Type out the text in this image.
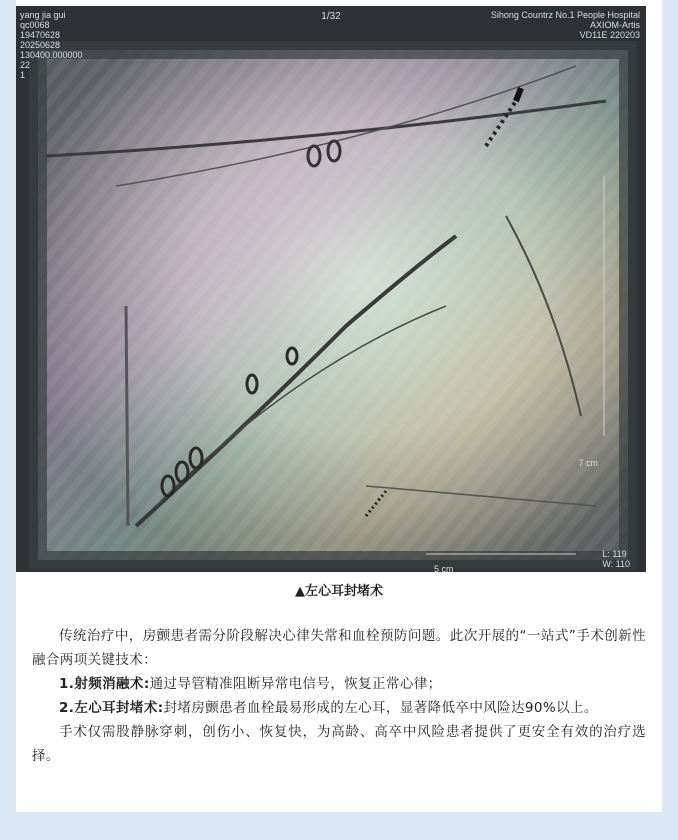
yang jia gui
qc0068
19470628
20250628
130400.000000
22
1
1/32	Sihong Countrz No.1 People Hospital
AXIOM-Artis
VD11E 220203
7 cm
5 cm
L: 119
W: 110
▲左心耳封堵术

传统治疗中，房颤患者需分阶段解决心律失常和血栓预防问题。此次开展的“一站式”手术创新性融合两项关键技术：

1.射频消融术:通过导管精准阻断异常电信号，恢复正常心律；

2.左心耳封堵术:封堵房颤患者血栓最易形成的左心耳，显著降低卒中风险达90%以上。

手术仅需股静脉穿刺，创伤小、恢复快，为高龄、高卒中风险患者提供了更安全有效的治疗选择。
